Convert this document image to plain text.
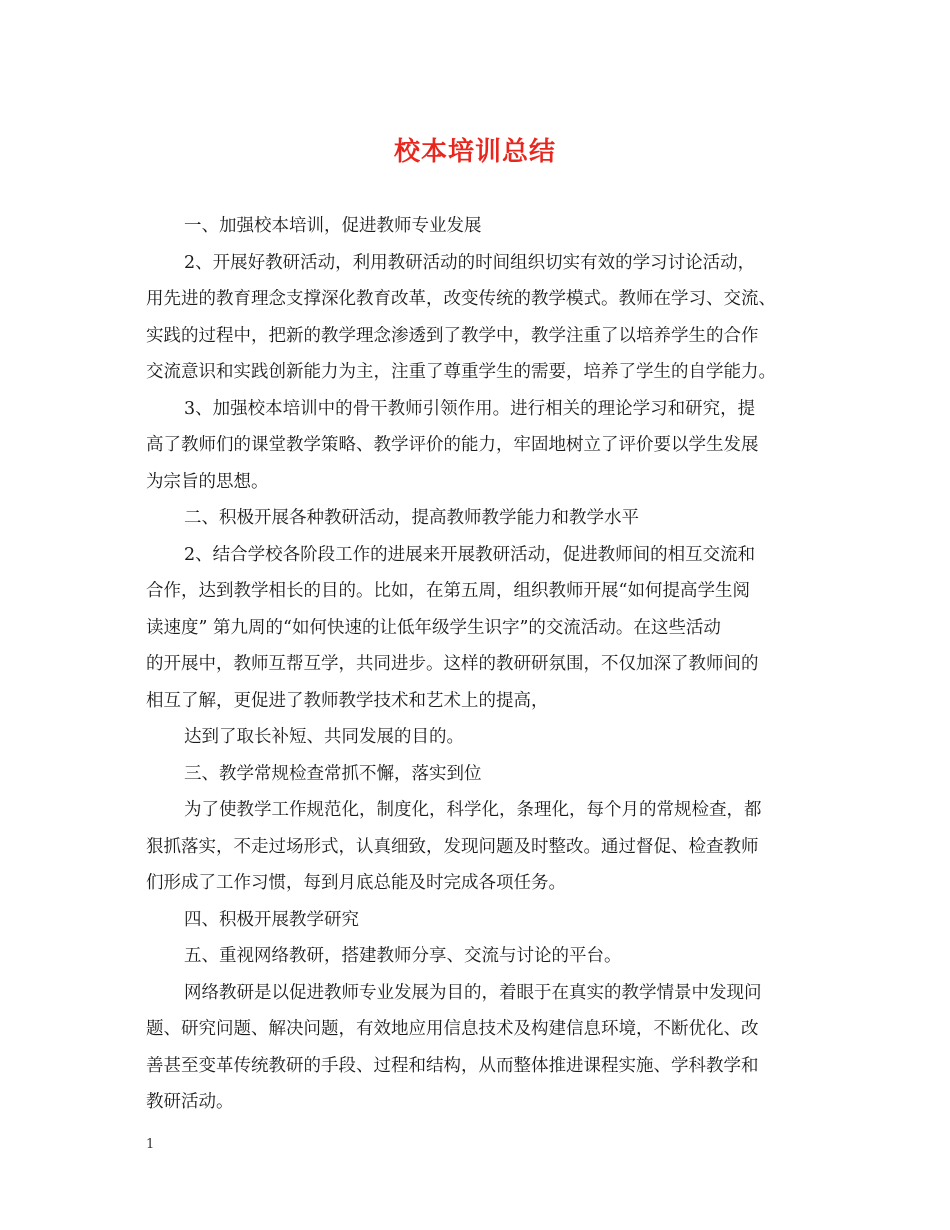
校本培训总结
一、加强校本培训，促进教师专业发展
2、开展好教研活动，利用教研活动的时间组织切实有效的学习讨论活动，
用先进的教育理念支撑深化教育改革，改变传统的教学模式。教师在学习、交流、
实践的过程中，把新的教学理念渗透到了教学中，教学注重了以培养学生的合作
交流意识和实践创新能力为主，注重了尊重学生的需要，培养了学生的自学能力。
3、加强校本培训中的骨干教师引领作用。进行相关的理论学习和研究，提
高了教师们的课堂教学策略、教学评价的能力，牢固地树立了评价要以学生发展
为宗旨的思想。
二、积极开展各种教研活动，提高教师教学能力和教学水平
2、结合学校各阶段工作的进展来开展教研活动，促进教师间的相互交流和
合作，达到教学相长的目的。比如，在第五周，组织教师开展“如何提高学生阅
读速度” 第九周的“如何快速的让低年级学生识字”的交流活动。在这些活动
的开展中，教师互帮互学，共同进步。这样的教研研氛围，不仅加深了教师间的
相互了解，更促进了教师教学技术和艺术上的提高，
达到了取长补短、共同发展的目的。
三、教学常规检查常抓不懈，落实到位
为了使教学工作规范化，制度化，科学化，条理化，每个月的常规检查，都
狠抓落实，不走过场形式，认真细致，发现问题及时整改。通过督促、检查教师
们形成了工作习惯，每到月底总能及时完成各项任务。
四、积极开展教学研究
五、重视网络教研，搭建教师分享、交流与讨论的平台。
网络教研是以促进教师专业发展为目的，着眼于在真实的教学情景中发现问
题、研究问题、解决问题，有效地应用信息技术及构建信息环境，不断优化、改
善甚至变革传统教研的手段、过程和结构，从而整体推进课程实施、学科教学和
教研活动。
1
